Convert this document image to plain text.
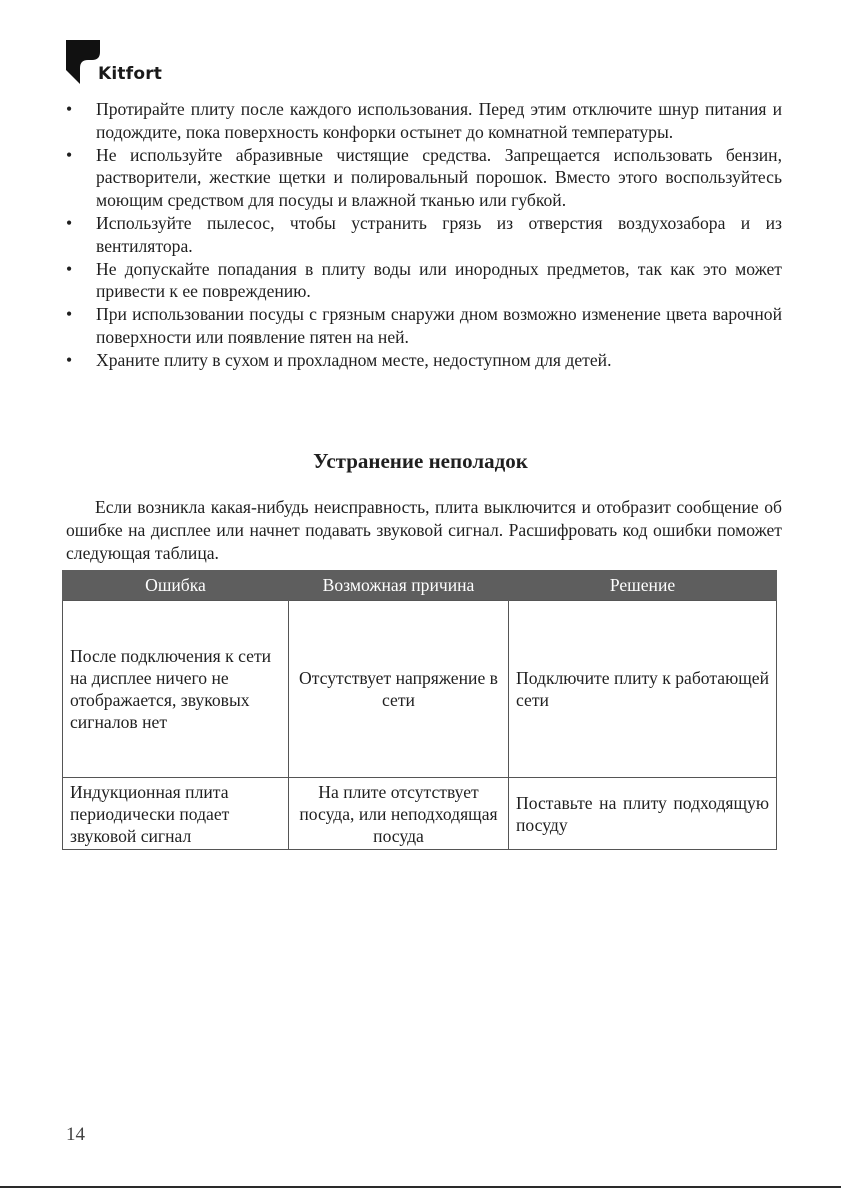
Kitfort
• Протирайте плиту после каждого использования. Перед этим отключите шнур питания и подождите, пока поверхность конфорки остынет до комнатной температуры.
• Не используйте абразивные чистящие средства. Запрещается использовать бензин, растворители, жесткие щетки и полировальный порошок. Вместо этого воспользуйтесь моющим средством для посуды и влажной тканью или губкой.
• Используйте пылесос, чтобы устранить грязь из отверстия воздухозабора и из вентилятора.
• Не допускайте попадания в плиту воды или инородных предметов, так как это может привести к ее повреждению.
• При использовании посуды с грязным снаружи дном возможно изменение цвета варочной поверхности или появление пятен на ней.
• Храните плиту в сухом и прохладном месте, недоступном для детей.
Устранение неполадок

Если возникла какая-нибудь неисправность, плита выключится и отобразит сообщение об ошибке на дисплее или начнет подавать звуковой сигнал. Расшифровать код ошибки поможет следующая таблица.

Ошибка	Возможная причина	Решение
После подключения к сети на дисплее ничего не отображается, звуковых сигналов нет	Отсутствует напряжение в сети	Подключите плиту к работающей сети
Индукционная плита периодически подает звуковой сигнал	На плите отсутствует посуда, или неподходящая посуда	Поставьте на плиту подходящую посуду
14
